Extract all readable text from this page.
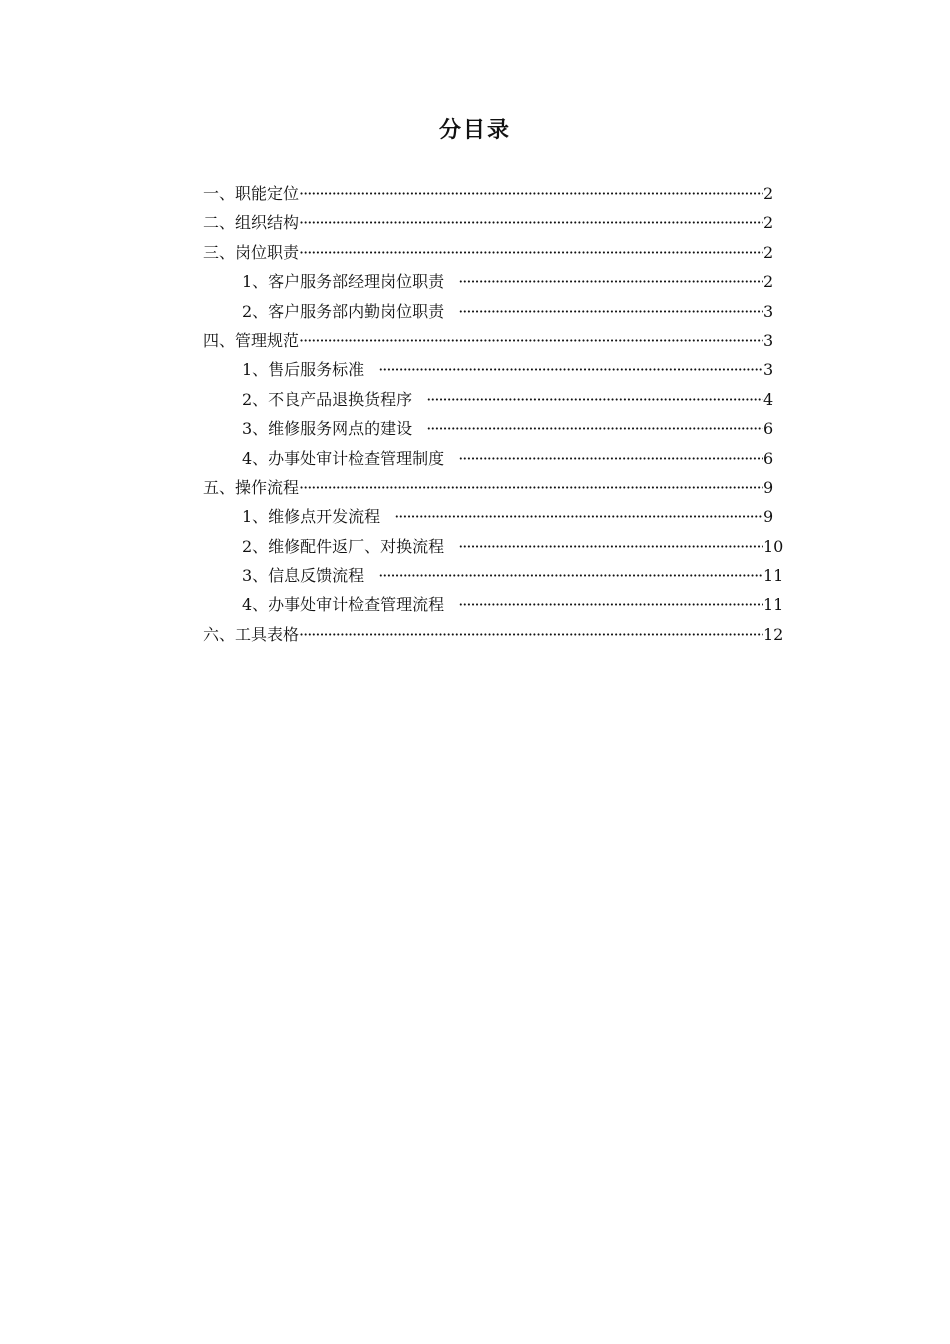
分目录
一、职能定位 ·····	2
二、组织结构 ·····	2
三、岗位职责 ·····	2
1、客户服务部经理岗位职责 ·····	2
2、客户服务部内勤岗位职责 ·····	3
四、管理规范 ·····	3
1、售后服务标准 ·····	3
2、不良产品退换货程序 ·····	4
3、维修服务网点的建设 ·····	6
4、办事处审计检查管理制度 ·····	6
五、操作流程 ·····	9
1、维修点开发流程 ·····	9
2、维修配件返厂、对换流程 ·····	10
3、信息反馈流程 ·····	11
4、办事处审计检查管理流程 ·····	11
六、工具表格 ·····	12
